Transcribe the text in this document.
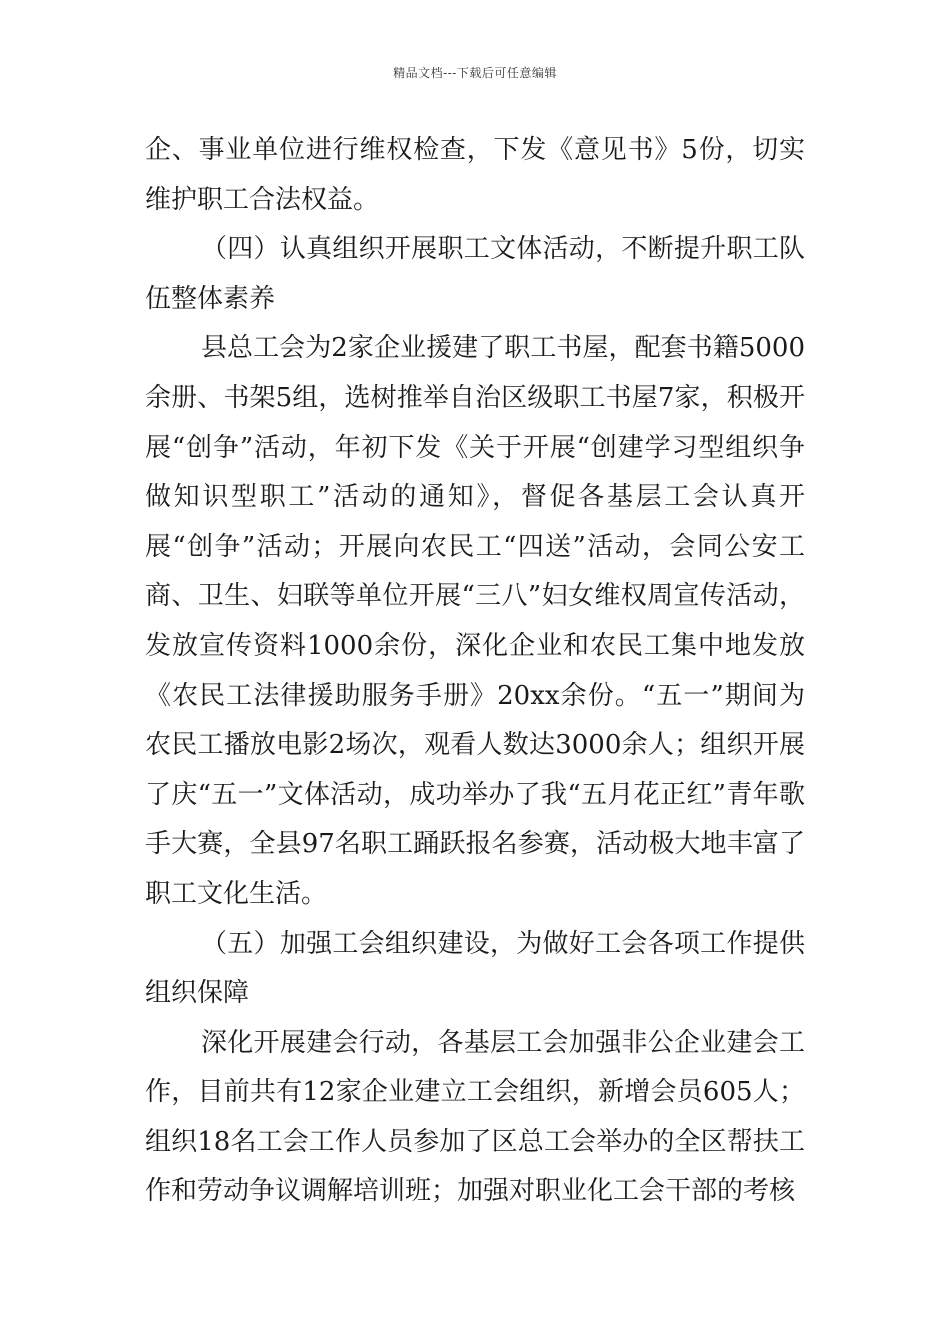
精品文档---下载后可任意编辑

企、事业单位进行维权检查，下发《意见书》5份，切实维护职工合法权益。

（四）认真组织开展职工文体活动，不断提升职工队伍整体素养

县总工会为2家企业援建了职工书屋，配套书籍5000余册、书架5组，选树推举自治区级职工书屋7家，积极开展“创争”活动，年初下发《关于开展“创建学习型组织争做知识型职工”活动的通知》，督促各基层工会认真开展“创争”活动；开展向农民工“四送”活动，会同公安工商、卫生、妇联等单位开展“三八”妇女维权周宣传活动，发放宣传资料1000余份，深化企业和农民工集中地发放《农民工法律援助服务手册》20xx余份。“五一”期间为农民工播放电影2场次，观看人数达3000余人；组织开展了庆“五一”文体活动，成功举办了我“五月花正红”青年歌手大赛，全县97名职工踊跃报名参赛，活动极大地丰富了职工文化生活。

（五）加强工会组织建设，为做好工会各项工作提供组织保障

深化开展建会行动，各基层工会加强非公企业建会工作，目前共有12家企业建立工会组织，新增会员605人；组织18名工会工作人员参加了区总工会举办的全区帮扶工作和劳动争议调解培训班；加强对职业化工会干部的考核
